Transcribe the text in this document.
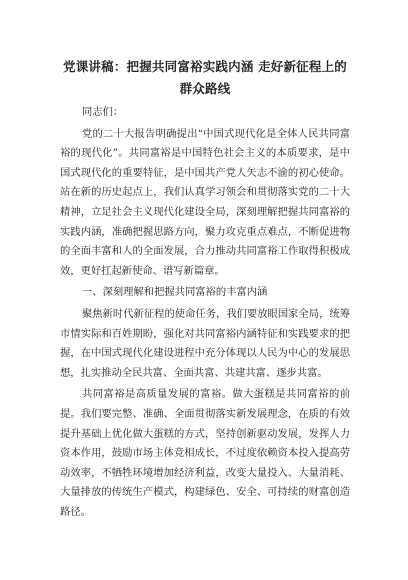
党课讲稿：把握共同富裕实践内涵 走好新征程上的群众路线

同志们：

党的二十大报告明确提出“中国式现代化是全体人民共同富裕的现代化”。共同富裕是中国特色社会主义的本质要求，是中国式现代化的重要特征，是中国共产党人矢志不渝的初心使命。站在新的历史起点上，我们认真学习领会和贯彻落实党的二十大精神，立足社会主义现代化建设全局，深刻理解把握共同富裕的实践内涵，准确把握思路方向，聚力攻克重点难点，不断促进物的全面丰富和人的全面发展，合力推动共同富裕工作取得积极成效，更好扛起新使命、谱写新篇章。

一、深刻理解和把握共同富裕的丰富内涵

聚焦新时代新征程的使命任务，我们要放眼国家全局，统筹市情实际和百姓期盼，强化对共同富裕内涵特征和实践要求的把握，在中国式现代化建设进程中充分体现以人民为中心的发展思想，扎实推动全民共富、全面共富、共建共富、逐步共富。

共同富裕是高质量发展的富裕。做大蛋糕是共同富裕的前提。我们要完整、准确、全面贯彻落实新发展理念，在质的有效提升基础上优化做大蛋糕的方式，坚持创新驱动发展，发挥人力资本作用，鼓励市场主体竞相成长，不过度依赖资本投入提高劳动效率，不牺牲环境增加经济利益，改变大量投入、大量消耗、大量排放的传统生产模式，构建绿色、安全、可持续的财富创造路径。
